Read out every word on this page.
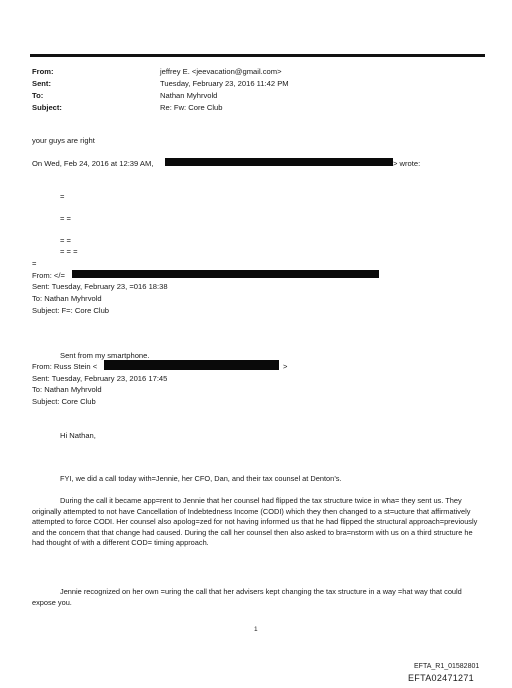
From:
Sent:
To:
Subject:
jeffrey E. <jeevacation@gmail.com>
Tuesday, February 23, 2016 11:42 PM
Nathan Myhrvold
Re: Fw: Core Club
your guys are right
On Wed, Feb 24, 2016 at 12:39 AM,	> wrote:
=
= =
= =
= = =
=
From: </=
Sent: Tuesday, February 23, =016 18:38
To: Nathan Myhrvold
Subject: F=: Core Club
Sent from my smartphone.
From: Russ Stein <	>
Sent: Tuesday, February 23, 2016 17:45
To: Nathan Myhrvold
Subject: Core Club
Hi Nathan,
FYI, we did a call today with=Jennie, her CFO, Dan, and their tax counsel at Denton’s.
During the call it became app=rent to Jennie that her counsel had flipped the tax structure twice in wha= they sent us. They originally attempted to not have Cancellation of Indebtedness Income (CODI) which they then changed to a st=ucture that affirmatively attempted to force CODI. Her counsel also apolog=zed for not having informed us that he had flipped the structural approach=previously and the concern that that change had caused. During the call her counsel then also asked to bra=nstorm with us on a third structure he had thought of with a different COD= timing approach.
Jennie recognized on her own =uring the call that her advisers kept changing the tax structure in a way =hat way that could expose you.
1
EFTA_R1_01582801
EFTA02471271
